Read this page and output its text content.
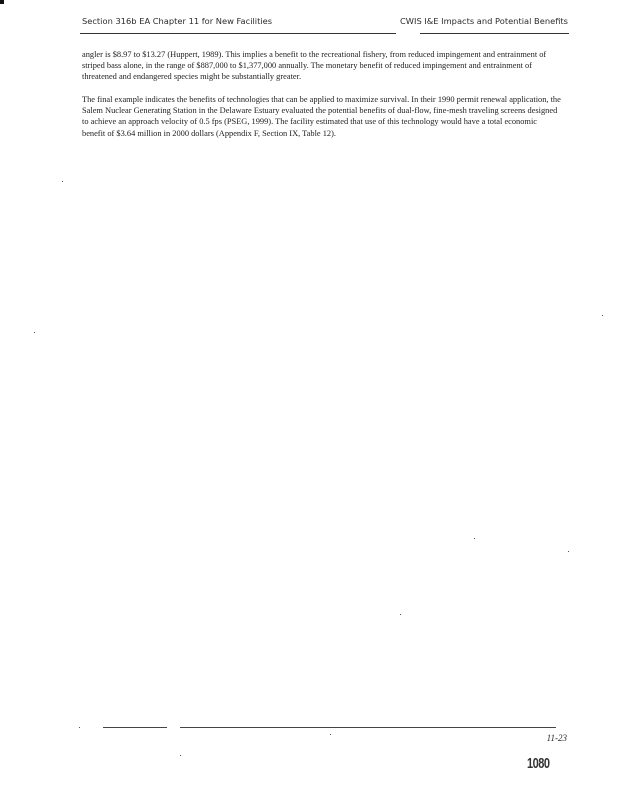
Section 316b EA Chapter 11 for New Facilities	CWIS I&E Impacts and Potential Benefits

angler is $8.97 to $13.27 (Huppert, 1989). This implies a benefit to the recreational fishery, from reduced impingement and entrainment of striped bass alone, in the range of $887,000 to $1,377,000 annually. The monetary benefit of reduced impingement and entrainment of threatened and endangered species might be substantially greater.

The final example indicates the benefits of technologies that can be applied to maximize survival. In their 1990 permit renewal application, the Salem Nuclear Generating Station in the Delaware Estuary evaluated the potential benefits of dual-flow, fine-mesh traveling screens designed to achieve an approach velocity of 0.5 fps (PSEG, 1999). The facility estimated that use of this technology would have a total economic benefit of $3.64 million in 2000 dollars (Appendix F, Section IX, Table 12).

11-23
1080
